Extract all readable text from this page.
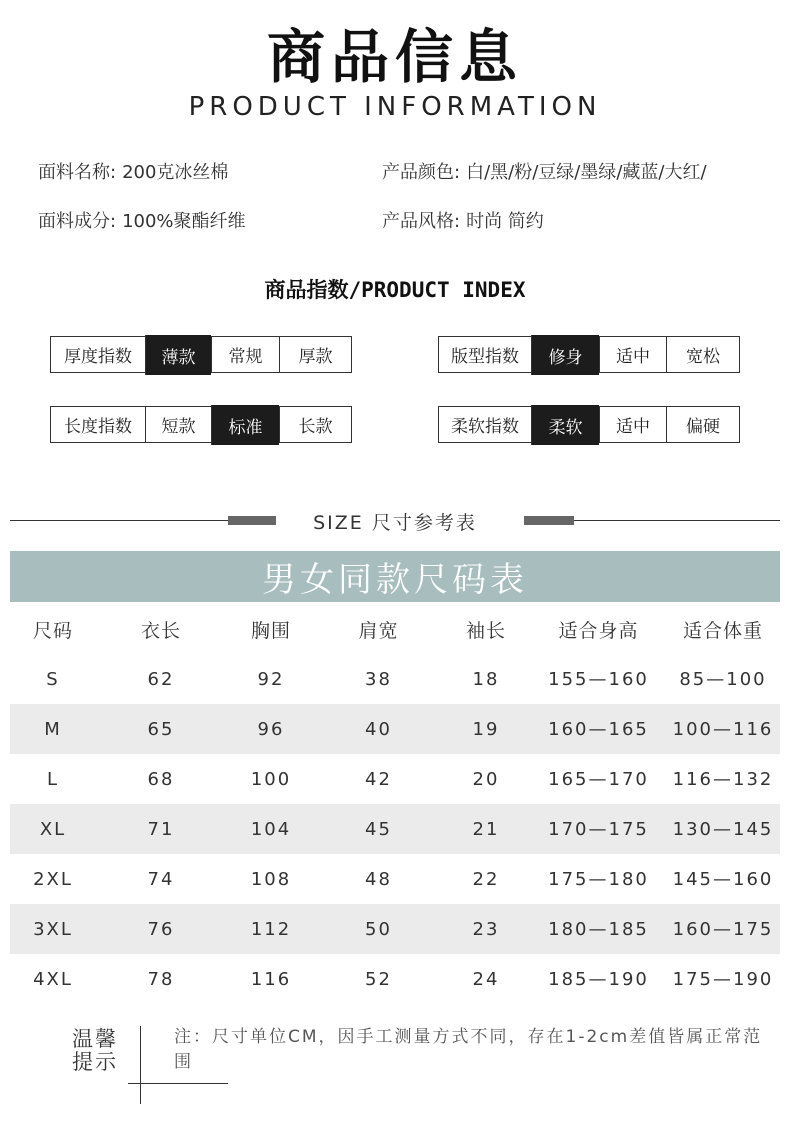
商品信息
PRODUCT INFORMATION
面料名称: 200克冰丝棉	产品颜色: 白/黑/粉/豆绿/墨绿/藏蓝/大红/
面料成分: 100%聚酯纤维	产品风格: 时尚 简约
商品指数/PRODUCT INDEX
厚度指数	薄款	常规	厚款	版型指数	修身	适中	宽松
长度指数	短款	标准	长款	柔软指数	柔软	适中	偏硬
SIZE 尺寸参考表
男女同款尺码表
尺码	衣长	胸围	肩宽	袖长	适合身高	适合体重
S	62	92	38	18	155—160	85—100
M	65	96	40	19	160—165	100—116
L	68	100	42	20	165—170	116—132
XL	71	104	45	21	170—175	130—145
2XL	74	108	48	22	175—180	145—160
3XL	76	112	50	23	180—185	160—175
4XL	78	116	52	24	185—190	175—190
温馨
提示
注：尺寸单位CM，因手工测量方式不同，存在1-2cm差值皆属正常范围
